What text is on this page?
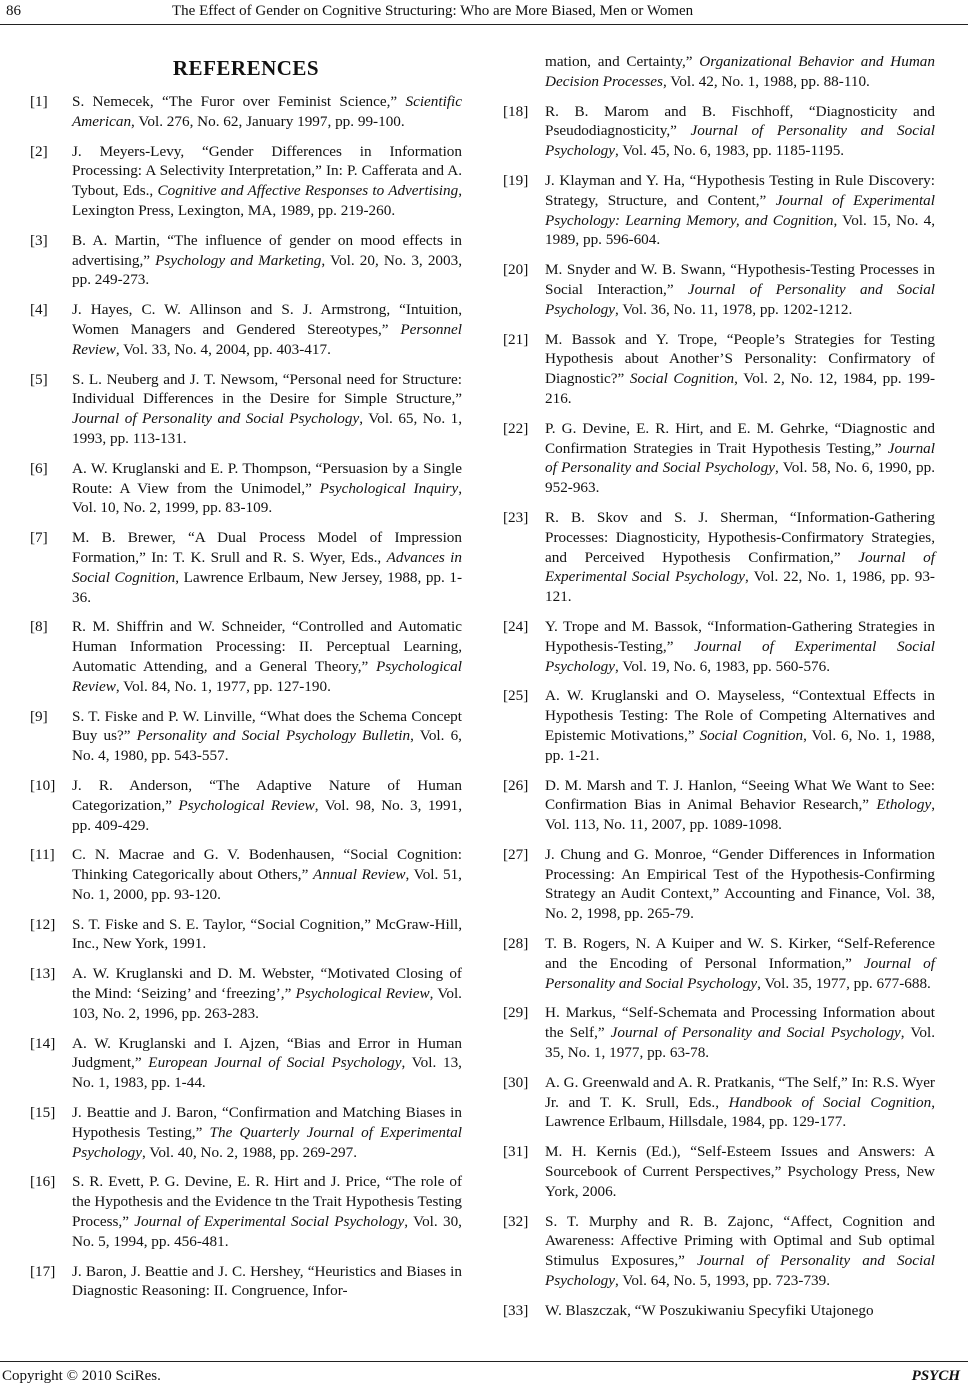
86	The Effect of Gender on Cognitive Structuring: Who are More Biased, Men or Women
REFERENCES
[1] S. Nemecek, “The Furor over Feminist Science,” Scientific American, Vol. 276, No. 62, January 1997, pp. 99-100.
[2] J. Meyers-Levy, “Gender Differences in Information Processing: A Selectivity Interpretation,” In: P. Cafferata and A. Tybout, Eds., Cognitive and Affective Responses to Advertising, Lexington Press, Lexington, MA, 1989, pp. 219-260.
[3] B. A. Martin, “The influence of gender on mood effects in advertising,” Psychology and Marketing, Vol. 20, No. 3, 2003, pp. 249-273.
[4] J. Hayes, C. W. Allinson and S. J. Armstrong, “Intuition, Women Managers and Gendered Stereotypes,” Personnel Review, Vol. 33, No. 4, 2004, pp. 403-417.
[5] S. L. Neuberg and J. T. Newsom, “Personal need for Structure: Individual Differences in the Desire for Simple Structure,” Journal of Personality and Social Psychology, Vol. 65, No. 1, 1993, pp. 113-131.
[6] A. W. Kruglanski and E. P. Thompson, “Persuasion by a Single Route: A View from the Unimodel,” Psychological Inquiry, Vol. 10, No. 2, 1999, pp. 83-109.
[7] M. B. Brewer, “A Dual Process Model of Impression Formation,” In: T. K. Srull and R. S. Wyer, Eds., Advances in Social Cognition, Lawrence Erlbaum, New Jersey, 1988, pp. 1-36.
[8] R. M. Shiffrin and W. Schneider, “Controlled and Automatic Human Information Processing: II. Perceptual Learning, Automatic Attending, and a General Theory,” Psychological Review, Vol. 84, No. 1, 1977, pp. 127-190.
[9] S. T. Fiske and P. W. Linville, “What does the Schema Concept Buy us?” Personality and Social Psychology Bulletin, Vol. 6, No. 4, 1980, pp. 543-557.
[10] J. R. Anderson, “The Adaptive Nature of Human Categorization,” Psychological Review, Vol. 98, No. 3, 1991, pp. 409-429.
[11] C. N. Macrae and G. V. Bodenhausen, “Social Cognition: Thinking Categorically about Others,” Annual Review, Vol. 51, No. 1, 2000, pp. 93-120.
[12] S. T. Fiske and S. E. Taylor, “Social Cognition,” McGraw-Hill, Inc., New York, 1991.
[13] A. W. Kruglanski and D. M. Webster, “Motivated Closing of the Mind: ‘Seizing’ and ‘freezing’,” Psychological Review, Vol. 103, No. 2, 1996, pp. 263-283.
[14] A. W. Kruglanski and I. Ajzen, “Bias and Error in Human Judgment,” European Journal of Social Psychology, Vol. 13, No. 1, 1983, pp. 1-44.
[15] J. Beattie and J. Baron, “Confirmation and Matching Biases in Hypothesis Testing,” The Quarterly Journal of Experimental Psychology, Vol. 40, No. 2, 1988, pp. 269-297.
[16] S. R. Evett, P. G. Devine, E. R. Hirt and J. Price, “The role of the Hypothesis and the Evidence tn the Trait Hypothesis Testing Process,” Journal of Experimental Social Psychology, Vol. 30, No. 5, 1994, pp. 456-481.
[17] J. Baron, J. Beattie and J. C. Hershey, “Heuristics and Biases in Diagnostic Reasoning: II. Congruence, Infor-
mation, and Certainty,” Organizational Behavior and Human Decision Processes, Vol. 42, No. 1, 1988, pp. 88-110.
[18] R. B. Marom and B. Fischhoff, “Diagnosticity and Pseudodiagnosticity,” Journal of Personality and Social Psychology, Vol. 45, No. 6, 1983, pp. 1185-1195.
[19] J. Klayman and Y. Ha, “Hypothesis Testing in Rule Discovery: Strategy, Structure, and Content,” Journal of Experimental Psychology: Learning Memory, and Cognition, Vol. 15, No. 4, 1989, pp. 596-604.
[20] M. Snyder and W. B. Swann, “Hypothesis-Testing Processes in Social Interaction,” Journal of Personality and Social Psychology, Vol. 36, No. 11, 1978, pp. 1202-1212.
[21] M. Bassok and Y. Trope, “People’s Strategies for Testing Hypothesis about Another’S Personality: Confirmatory of Diagnostic?” Social Cognition, Vol. 2, No. 12, 1984, pp. 199-216.
[22] P. G. Devine, E. R. Hirt, and E. M. Gehrke, “Diagnostic and Confirmation Strategies in Trait Hypothesis Testing,” Journal of Personality and Social Psychology, Vol. 58, No. 6, 1990, pp. 952-963.
[23] R. B. Skov and S. J. Sherman, “Information-Gathering Processes: Diagnosticity, Hypothesis-Confirmatory Strategies, and Perceived Hypothesis Confirmation,” Journal of Experimental Social Psychology, Vol. 22, No. 1, 1986, pp. 93-121.
[24] Y. Trope and M. Bassok, “Information-Gathering Strategies in Hypothesis-Testing,” Journal of Experimental Social Psychology, Vol. 19, No. 6, 1983, pp. 560-576.
[25] A. W. Kruglanski and O. Mayseless, “Contextual Effects in Hypothesis Testing: The Role of Competing Alternatives and Epistemic Motivations,” Social Cognition, Vol. 6, No. 1, 1988, pp. 1-21.
[26] D. M. Marsh and T. J. Hanlon, “Seeing What We Want to See: Confirmation Bias in Animal Behavior Research,” Ethology, Vol. 113, No. 11, 2007, pp. 1089-1098.
[27] J. Chung and G. Monroe, “Gender Differences in Information Processing: An Empirical Test of the Hypothesis-Confirming Strategy an Audit Context,” Accounting and Finance, Vol. 38, No. 2, 1998, pp. 265-79.
[28] T. B. Rogers, N. A Kuiper and W. S. Kirker, “Self-Reference and the Encoding of Personal Information,” Journal of Personality and Social Psychology, Vol. 35, 1977, pp. 677-688.
[29] H. Markus, “Self-Schemata and Processing Information about the Self,” Journal of Personality and Social Psychology, Vol. 35, No. 1, 1977, pp. 63-78.
[30] A. G. Greenwald and A. R. Pratkanis, “The Self,” In: R.S. Wyer Jr. and T. K. Srull, Eds., Handbook of Social Cognition, Lawrence Erlbaum, Hillsdale, 1984, pp. 129-177.
[31] M. H. Kernis (Ed.), “Self-Esteem Issues and Answers: A Sourcebook of Current Perspectives,” Psychology Press, New York, 2006.
[32] S. T. Murphy and R. B. Zajonc, “Affect, Cognition and Awareness: Affective Priming with Optimal and Sub optimal Stimulus Exposures,” Journal of Personality and Social Psychology, Vol. 64, No. 5, 1993, pp. 723-739.
[33] W. Blaszczak, “W Poszukiwaniu Specyfiki Utajonego
Copyright © 2010 SciRes.	PSYCH
